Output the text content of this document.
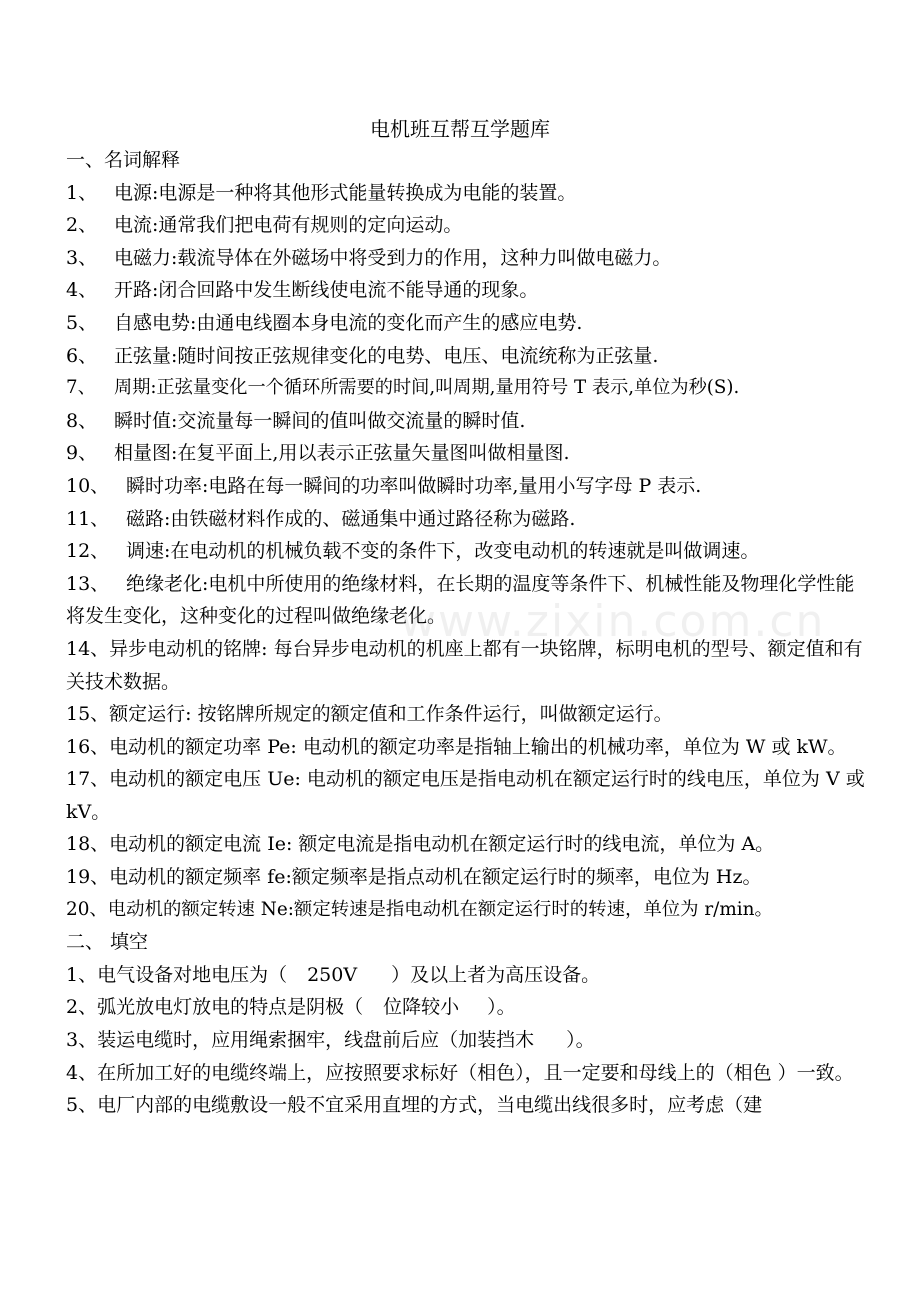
电机班互帮互学题库
一、名词解释
1、 电源:电源是一种将其他形式能量转换成为电能的装置。
2、 电流:通常我们把电荷有规则的定向运动。
3、 电磁力:载流导体在外磁场中将受到力的作用，这种力叫做电磁力。
4、 开路:闭合回路中发生断线使电流不能导通的现象。
5、 自感电势:由通电线圈本身电流的变化而产生的感应电势.
6、 正弦量:随时间按正弦规律变化的电势、电压、电流统称为正弦量.
7、 周期:正弦量变化一个循环所需要的时间,叫周期,量用符号 T 表示,单位为秒(S).
8、 瞬时值:交流量每一瞬间的值叫做交流量的瞬时值.
9、 相量图:在复平面上,用以表示正弦量矢量图叫做相量图.
10、 瞬时功率:电路在每一瞬间的功率叫做瞬时功率,量用小写字母 P 表示.
11、 磁路:由铁磁材料作成的、磁通集中通过路径称为磁路.
12、 调速:在电动机的机械负载不变的条件下，改变电动机的转速就是叫做调速。
13、 绝缘老化:电机中所使用的绝缘材料，在长期的温度等条件下、机械性能及物理化学性能将发生变化，这种变化的过程叫做绝缘老化。
14、异步电动机的铭牌: 每台异步电动机的机座上都有一块铭牌，标明电机的型号、额定值和有关技术数据。
15、额定运行: 按铭牌所规定的额定值和工作条件运行，叫做额定运行。
16、电动机的额定功率 Pe: 电动机的额定功率是指轴上输出的机械功率，单位为 W 或 kW。
17、电动机的额定电压 Ue: 电动机的额定电压是指电动机在额定运行时的线电压，单位为 V 或 kV。
18、电动机的额定电流 Ie: 额定电流是指电动机在额定运行时的线电流，单位为 A。
19、电动机的额定频率 fe:额定频率是指点动机在额定运行时的频率，电位为 Hz。
20、电动机的额定转速 Ne:额定转速是指电动机在额定运行时的转速，单位为 r/min。
二、 填空
1、电气设备对地电压为（ 250V ）及以上者为高压设备。
2、弧光放电灯放电的特点是阴极（ 位降较小 ）。
3、装运电缆时，应用绳索捆牢，线盘前后应（加装挡木 ）。
4、在所加工好的电缆终端上，应按照要求标好（相色），且一定要和母线上的（相色 ）一致。
5、电厂内部的电缆敷设一般不宜采用直埋的方式，当电缆出线很多时，应考虑（建
www.zixin.com.cn
